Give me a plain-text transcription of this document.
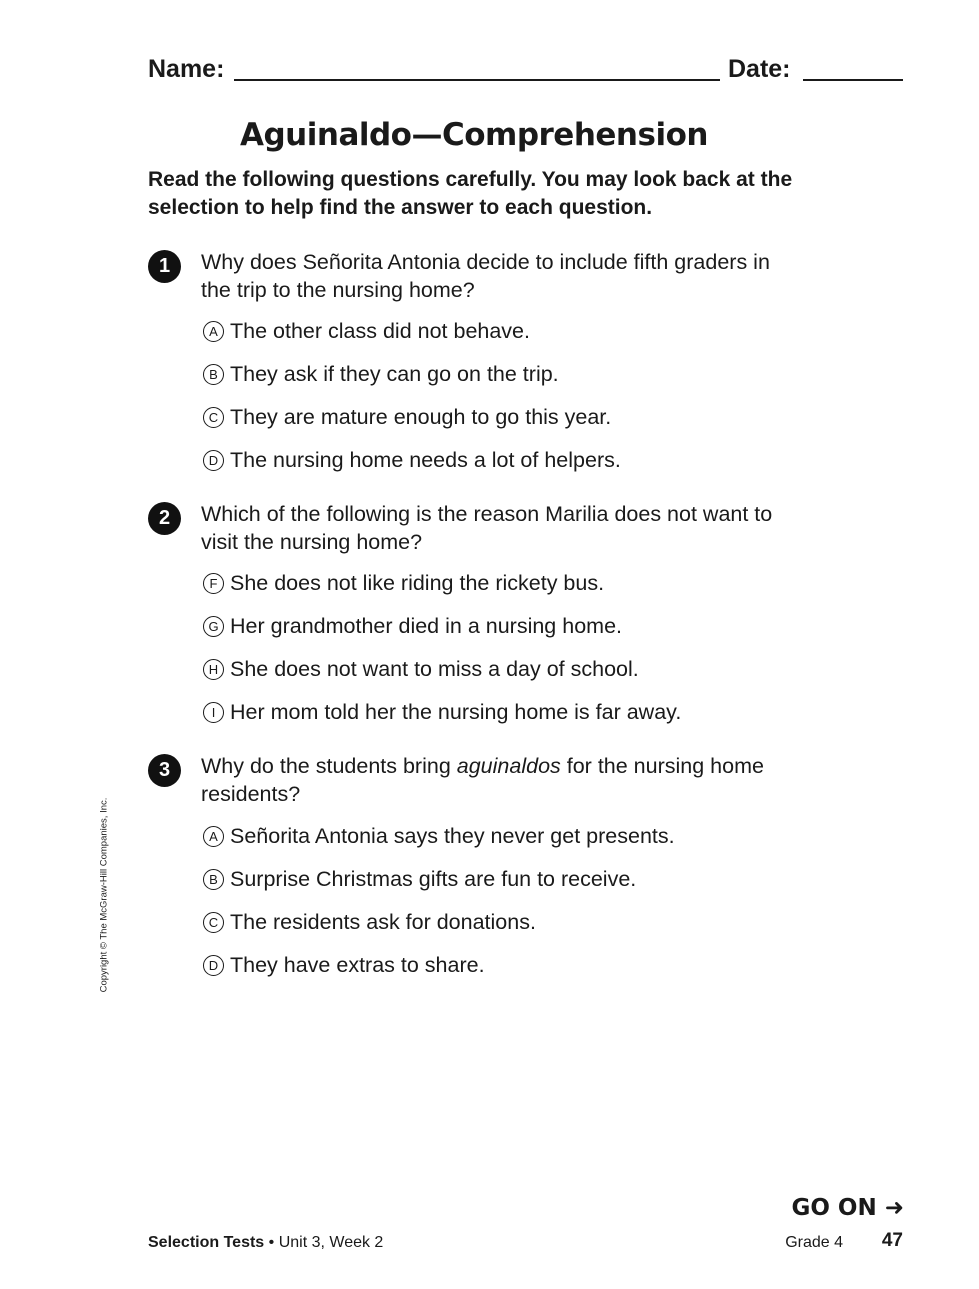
Name:	Date:
Aguinaldo—Comprehension

Read the following questions carefully. You may look back at the selection to help find the answer to each question.

1	Why does Señorita Antonia decide to include fifth graders in the trip to the nursing home?

A The other class did not behave.
B They ask if they can go on the trip.
C They are mature enough to go this year.
D The nursing home needs a lot of helpers.
2	Which of the following is the reason Marilia does not want to visit the nursing home?

F She does not like riding the rickety bus.
G Her grandmother died in a nursing home.
H She does not want to miss a day of school.
I Her mom told her the nursing home is far away.
3	Why do the students bring aguinaldos for the nursing home residents?

A Señorita Antonia says they never get presents.
B Surprise Christmas gifts are fun to receive.
C The residents ask for donations.
D They have extras to share.
Copyright © The McGraw-Hill Companies, Inc.
GO ON ➜
Selection Tests • Unit 3, Week 2	Grade 4 47
